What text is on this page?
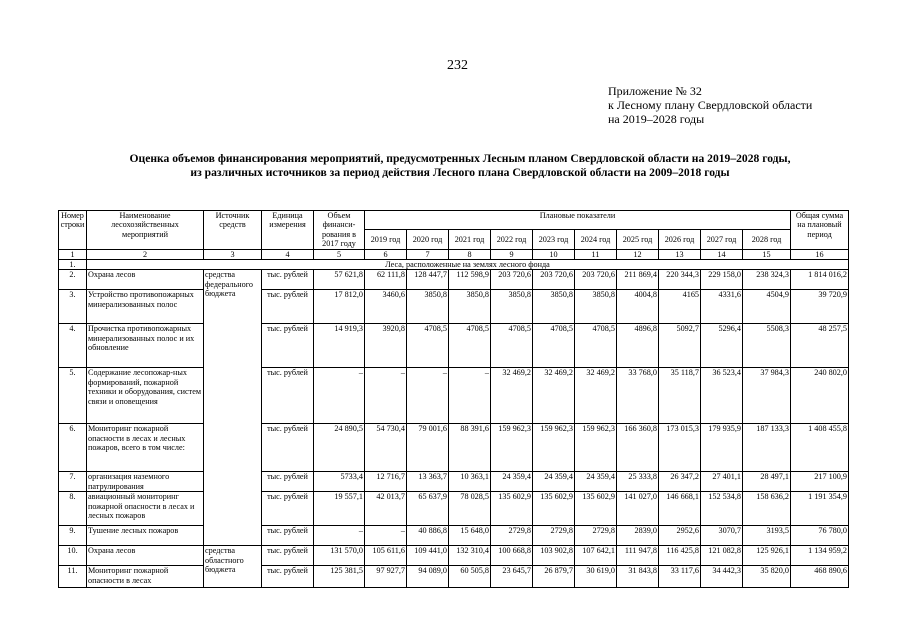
232
Приложение № 32
к Лесному плану Свердловской области
на 2019–2028 годы
Оценка объемов финансирования мероприятий, предусмотренных Лесным планом Свердловской области на 2019–2028 годы,
из различных источников за период действия Лесного плана Свердловской области на 2009–2018 годы
Номер строки	Наименование лесохозяйственных мероприятий	Источник средств	Единица измерения	Объем финанси-рования в 2017 году	Плановые показатели										Общая сумма на плановый период
					2019 год	2020 год	2021 год	2022 год	2023 год	2024 год	2025 год	2026 год	2027 год	2028 год	
1	2	3	4	5	6	7	8	9	10	11	12	13	14	15	16
1.	Леса, расположенные на землях лесного фонда														
2.	Охрана лесов	средства федерального бюджета	тыс. рублей	57 621,8	62 111,8	128 447,7	112 598,9	203 720,6	203 720,6	203 720,6	211 869,4	220 344,3	229 158,0	238 324,3	1 814 016,2
3.	Устройство противопожарных минерализованных полос		тыс. рублей	17 812,0	3460,6	3850,8	3850,8	3850,8	3850,8	3850,8	4004,8	4165	4331,6	4504,9	39 720,9
4.	Прочистка противопожарных минерализованных полос и их обновление		тыс. рублей	14 919,3	3920,8	4708,5	4708,5	4708,5	4708,5	4708,5	4896,8	5092,7	5296,4	5508,3	48 257,5
5.	Содержание лесопожар-ных формирований, пожарной техники и оборудования, систем связи и оповещения		тыс. рублей	–	–	–	–	32 469,2	32 469,2	32 469,2	33 768,0	35 118,7	36 523,4	37 984,3	240 802,0
6.	Мониторинг пожарной опасности в лесах и лесных пожаров, всего в том числе:		тыс. рублей	24 890,5	54 730,4	79 001,6	88 391,6	159 962,3	159 962,3	159 962,3	166 360,8	173 015,3	179 935,9	187 133,3	1 408 455,8
7.	организация наземного патрулирования		тыс. рублей	5733,4	12 716,7	13 363,7	10 363,1	24 359,4	24 359,4	24 359,4	25 333,8	26 347,2	27 401,1	28 497,1	217 100,9
8.	авиационный мониторинг пожарной опасности в лесах и лесных пожаров		тыс. рублей	19 557,1	42 013,7	65 637,9	78 028,5	135 602,9	135 602,9	135 602,9	141 027,0	146 668,1	152 534,8	158 636,2	1 191 354,9
9.	Тушение лесных пожаров		тыс. рублей	–	–	40 886,8	15 648,0	2729,8	2729,8	2729,8	2839,0	2952,6	3070,7	3193,5	76 780,0
10.	Охрана лесов	средства областного бюджета	тыс. рублей	131 570,0	105 611,6	109 441,0	132 310,4	100 668,8	103 902,8	107 642,1	111 947,8	116 425,8	121 082,8	125 926,1	1 134 959,2
11.	Мониторинг пожарной опасности в лесах		тыс. рублей	125 381,5	97 927,7	94 089,0	60 505,8	23 645,7	26 879,7	30 619,0	31 843,8	33 117,6	34 442,3	35 820,0	468 890,6
